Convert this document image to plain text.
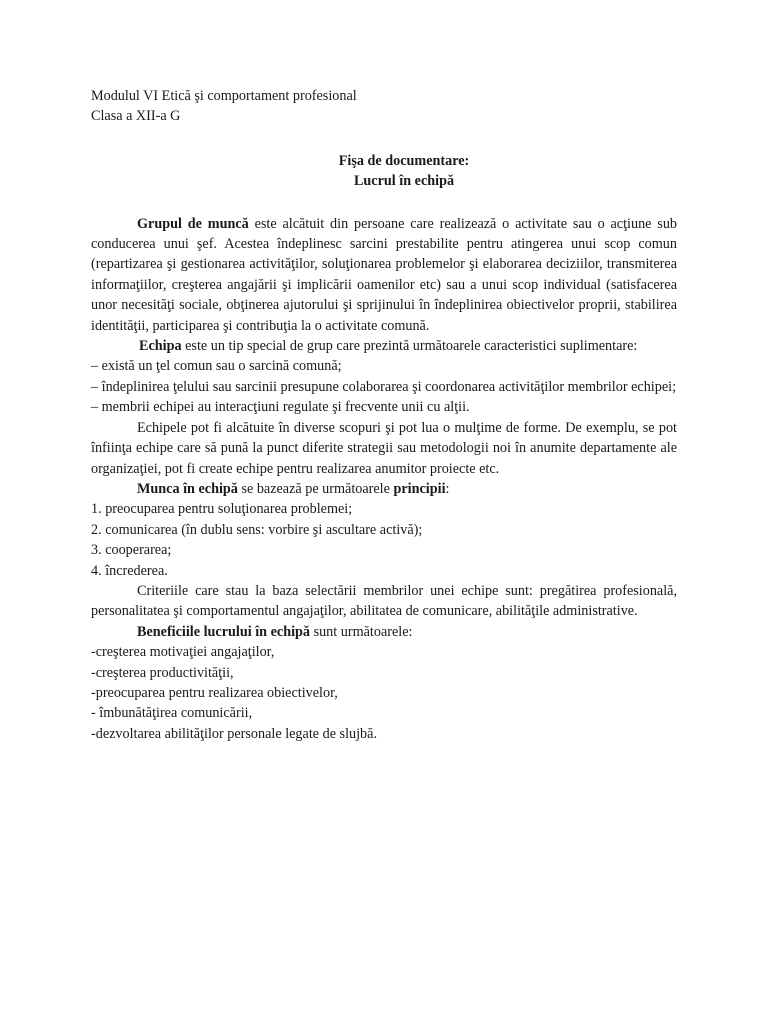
Modulul VI Etică şi comportament profesional

Clasa a XII-a G

Fişa de documentare:
Lucrul în echipă

Grupul de muncă este alcătuit din persoane care realizează o activitate sau o acţiune sub conducerea unui şef. Acestea îndeplinesc sarcini prestabilite pentru atingerea unui scop comun (repartizarea şi gestionarea activităţilor, soluţionarea problemelor şi elaborarea deciziilor, transmiterea informaţiilor, creşterea angajării şi implicării oamenilor etc) sau a unui scop individual (satisfacerea unor necesităţi sociale, obţinerea ajutorului şi sprijinului în îndeplinirea obiectivelor proprii, stabilirea identităţii, participarea şi contribuţia la o activitate comună.

Echipa este un tip special de grup care prezintă următoarele caracteristici suplimentare:

– există un ţel comun sau o sarcină comună;

– îndeplinirea ţelului sau sarcinii presupune colaborarea şi coordonarea activităţilor membrilor echipei;

– membrii echipei au interacţiuni regulate şi frecvente unii cu alţii.

Echipele pot fi alcătuite în diverse scopuri şi pot lua o mulţime de forme. De exemplu, se pot înfiinţa echipe care să pună la punct diferite strategii sau metodologii noi în anumite departamente ale organizaţiei, pot fi create echipe pentru realizarea anumitor proiecte etc.

Munca în echipă se bazează pe următoarele principii:

1. preocuparea pentru soluţionarea problemei;

2. comunicarea (în dublu sens: vorbire şi ascultare activă);

3. cooperarea;

4. încrederea.

Criteriile care stau la baza selectării membrilor unei echipe sunt: pregătirea profesională, personalitatea şi comportamentul angajaţilor, abilitatea de comunicare, abilităţile administrative.

Beneficiile lucrului în echipă sunt următoarele:

-creşterea motivaţiei angajaţilor,

-creşterea productivităţii,

-preocuparea pentru realizarea obiectivelor,

- îmbunătăţirea comunicării,

-dezvoltarea abilităţilor personale legate de slujbă.
